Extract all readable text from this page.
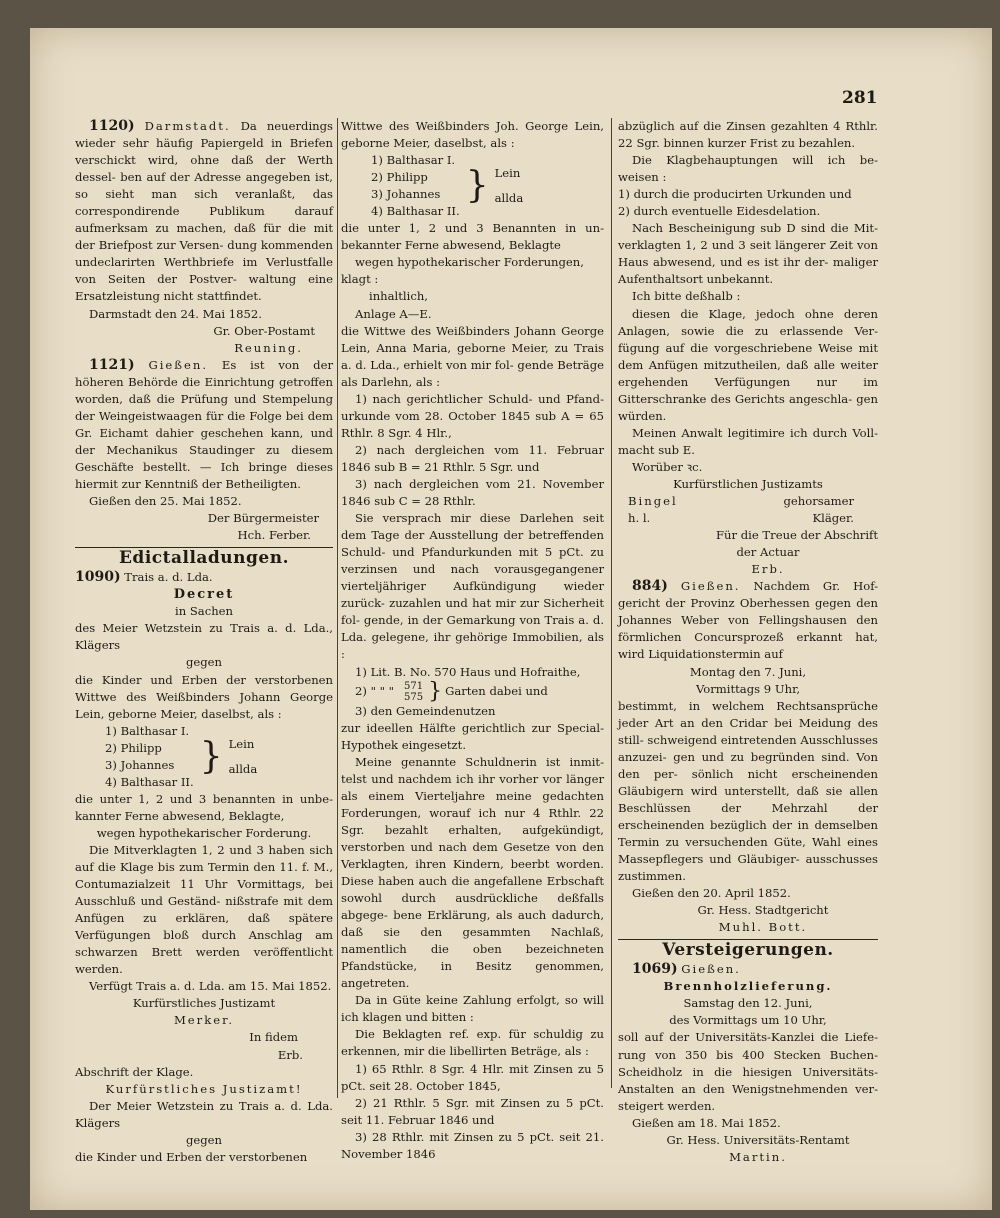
281

1120) Darmstadt. Da neuerdings wieder sehr häufig Papiergeld in Briefen verschickt wird, ohne daß der Werth dessel- ben auf der Adresse angegeben ist, so sieht man sich veranlaßt, das correspondirende Publikum darauf aufmerksam zu machen, daß für die mit der Briefpost zur Versen- dung kommenden undeclarirten Werthbriefe im Verlustfalle von Seiten der Postver- waltung eine Ersatzleistung nicht stattfindet.

Darmstadt den 24. Mai 1852.

Gr. Ober-Postamt

Reuning.

1121) Gießen. Es ist von der höheren Behörde die Einrichtung getroffen worden, daß die Prüfung und Stempelung der Weingeistwaagen für die Folge bei dem Gr. Eichamt dahier geschehen kann, und der Mechanikus Staudinger zu diesem Geschäfte bestellt. — Ich bringe dieses hiermit zur Kenntniß der Betheiligten.

Gießen den 25. Mai 1852.

Der Bürgermeister

Hch. Ferber.

Edictalladungen.

1090) Trais a. d. Lda.

Decret

in Sachen

des Meier Wetzstein zu Trais a. d. Lda., Klägers

gegen

die Kinder und Erben der verstorbenen Wittwe des Weißbinders Johann George Lein, geborne Meier, daselbst, als :

1) Balthasar I.
2) Philipp
3) Johannes
4) Balthasar II.
} Lein
allda

die unter 1, 2 und 3 benannten in unbe- kannter Ferne abwesend, Beklagte,

wegen hypothekarischer Forderung.

Die Mitverklagten 1, 2 und 3 haben sich auf die Klage bis zum Termin den 11. f. M., Contumazialzeit 11 Uhr Vormittags, bei Ausschluß und Geständ- nißstrafe mit dem Anfügen zu erklären, daß spätere Verfügungen bloß durch Anschlag am schwarzen Brett werden veröffentlicht werden.

Verfügt Trais a. d. Lda. am 15. Mai 1852.

Kurfürstliches Justizamt

Merker.

In fidem

Erb.

Abschrift der Klage.

Kurfürstliches Justizamt!

Der Meier Wetzstein zu Trais a. d. Lda. Klägers

gegen

die Kinder und Erben der verstorbenen

Wittwe des Weißbinders Joh. George Lein, geborne Meier, daselbst, als :

1) Balthasar I.
2) Philipp
3) Johannes
4) Balthasar II.
} Lein
allda

die unter 1, 2 und 3 Benannten in un- bekannter Ferne abwesend, Beklagte

wegen hypothekarischer Forderungen,

klagt :

inhaltlich,

Anlage A—E.

die Wittwe des Weißbinders Johann George Lein, Anna Maria, geborne Meier, zu Trais a. d. Lda., erhielt von mir fol- gende Beträge als Darlehn, als :

1) nach gerichtlicher Schuld- und Pfand- urkunde vom 28. October 1845 sub A = 65 Rthlr. 8 Sgr. 4 Hlr.,

2) nach dergleichen vom 11. Februar 1846 sub B = 21 Rthlr. 5 Sgr. und

3) nach dergleichen vom 21. November 1846 sub C = 28 Rthlr.

Sie versprach mir diese Darlehen seit dem Tage der Ausstellung der betreffenden Schuld- und Pfandurkunden mit 5 pCt. zu verzinsen und nach vorausgegangener vierteljähriger Aufkündigung wieder zurück- zuzahlen und hat mir zur Sicherheit fol- gende, in der Gemarkung von Trais a. d. Lda. gelegene, ihr gehörige Immobilien, als :

1) Lit. B. No. 570 Haus und Hofraithe,

2) " " " 571
575 } Garten dabei und

3) den Gemeindenutzen

zur ideellen Hälfte gerichtlich zur Special- Hypothek eingesetzt.

Meine genannte Schuldnerin ist inmit- telst und nachdem ich ihr vorher vor länger als einem Vierteljahre meine gedachten Forderungen, worauf ich nur 4 Rthlr. 22 Sgr. bezahlt erhalten, aufgekündigt, verstorben und nach dem Gesetze von den Verklagten, ihren Kindern, beerbt worden. Diese haben auch die angefallene Erbschaft sowohl durch ausdrückliche deßfalls abgege- bene Erklärung, als auch dadurch, daß sie den gesammten Nachlaß, namentlich die oben bezeichneten Pfandstücke, in Besitz genommen, angetreten.

Da in Güte keine Zahlung erfolgt, so will ich klagen und bitten :

Die Beklagten ref. exp. für schuldig zu erkennen, mir die libellirten Beträge, als :

1) 65 Rthlr. 8 Sgr. 4 Hlr. mit Zinsen zu 5 pCt. seit 28. October 1845,

2) 21 Rthlr. 5 Sgr. mit Zinsen zu 5 pCt. seit 11. Februar 1846 und

3) 28 Rthlr. mit Zinsen zu 5 pCt. seit 21. November 1846

abzüglich auf die Zinsen gezahlten 4 Rthlr. 22 Sgr. binnen kurzer Frist zu bezahlen.

Die Klagbehauptungen will ich be- weisen :

1) durch die producirten Urkunden und

2) durch eventuelle Eidesdelation.

Nach Bescheinigung sub D sind die Mit- verklagten 1, 2 und 3 seit längerer Zeit von Haus abwesend, und es ist ihr der- maliger Aufenthaltsort unbekannt.

Ich bitte deßhalb :

diesen die Klage, jedoch ohne deren Anlagen, sowie die zu erlassende Ver- fügung auf die vorgeschriebene Weise mit dem Anfügen mitzutheilen, daß alle weiter ergehenden Verfügungen nur im Gitterschranke des Gerichts angeschla- gen würden.

Meinen Anwalt legitimire ich durch Voll- macht sub E.

Worüber ꝛc.

Kurfürstlichen Justizamts

Bingel	gehorsamer
h. l.	Kläger.

Für die Treue der Abschrift

der Actuar

Erb.

884) Gießen. Nachdem Gr. Hof- gericht der Provinz Oberhessen gegen den Johannes Weber von Fellingshausen den förmlichen Concursprozeß erkannt hat, wird Liquidationstermin auf

Montag den 7. Juni,

Vormittags 9 Uhr,

bestimmt, in welchem Rechtsansprüche jeder Art an den Cridar bei Meidung des still- schweigend eintretenden Ausschlusses anzuzei- gen und zu begründen sind. Von den per- sönlich nicht erscheinenden Gläubigern wird unterstellt, daß sie allen Beschlüssen der Mehrzahl der erscheinenden bezüglich der in demselben Termin zu versuchenden Güte, Wahl eines Massepflegers und Gläubiger- ausschusses zustimmen.

Gießen den 20. April 1852.

Gr. Hess. Stadtgericht

Muhl. Bott.

Versteigerungen.

1069) Gießen.

Brennholzlieferung.

Samstag den 12. Juni,

des Vormittags um 10 Uhr,

soll auf der Universitäts-Kanzlei die Liefe- rung von 350 bis 400 Stecken Buchen- Scheidholz in die hiesigen Universitäts- Anstalten an den Wenigstnehmenden ver- steigert werden.

Gießen am 18. Mai 1852.

Gr. Hess. Universitäts-Rentamt

Martin.
